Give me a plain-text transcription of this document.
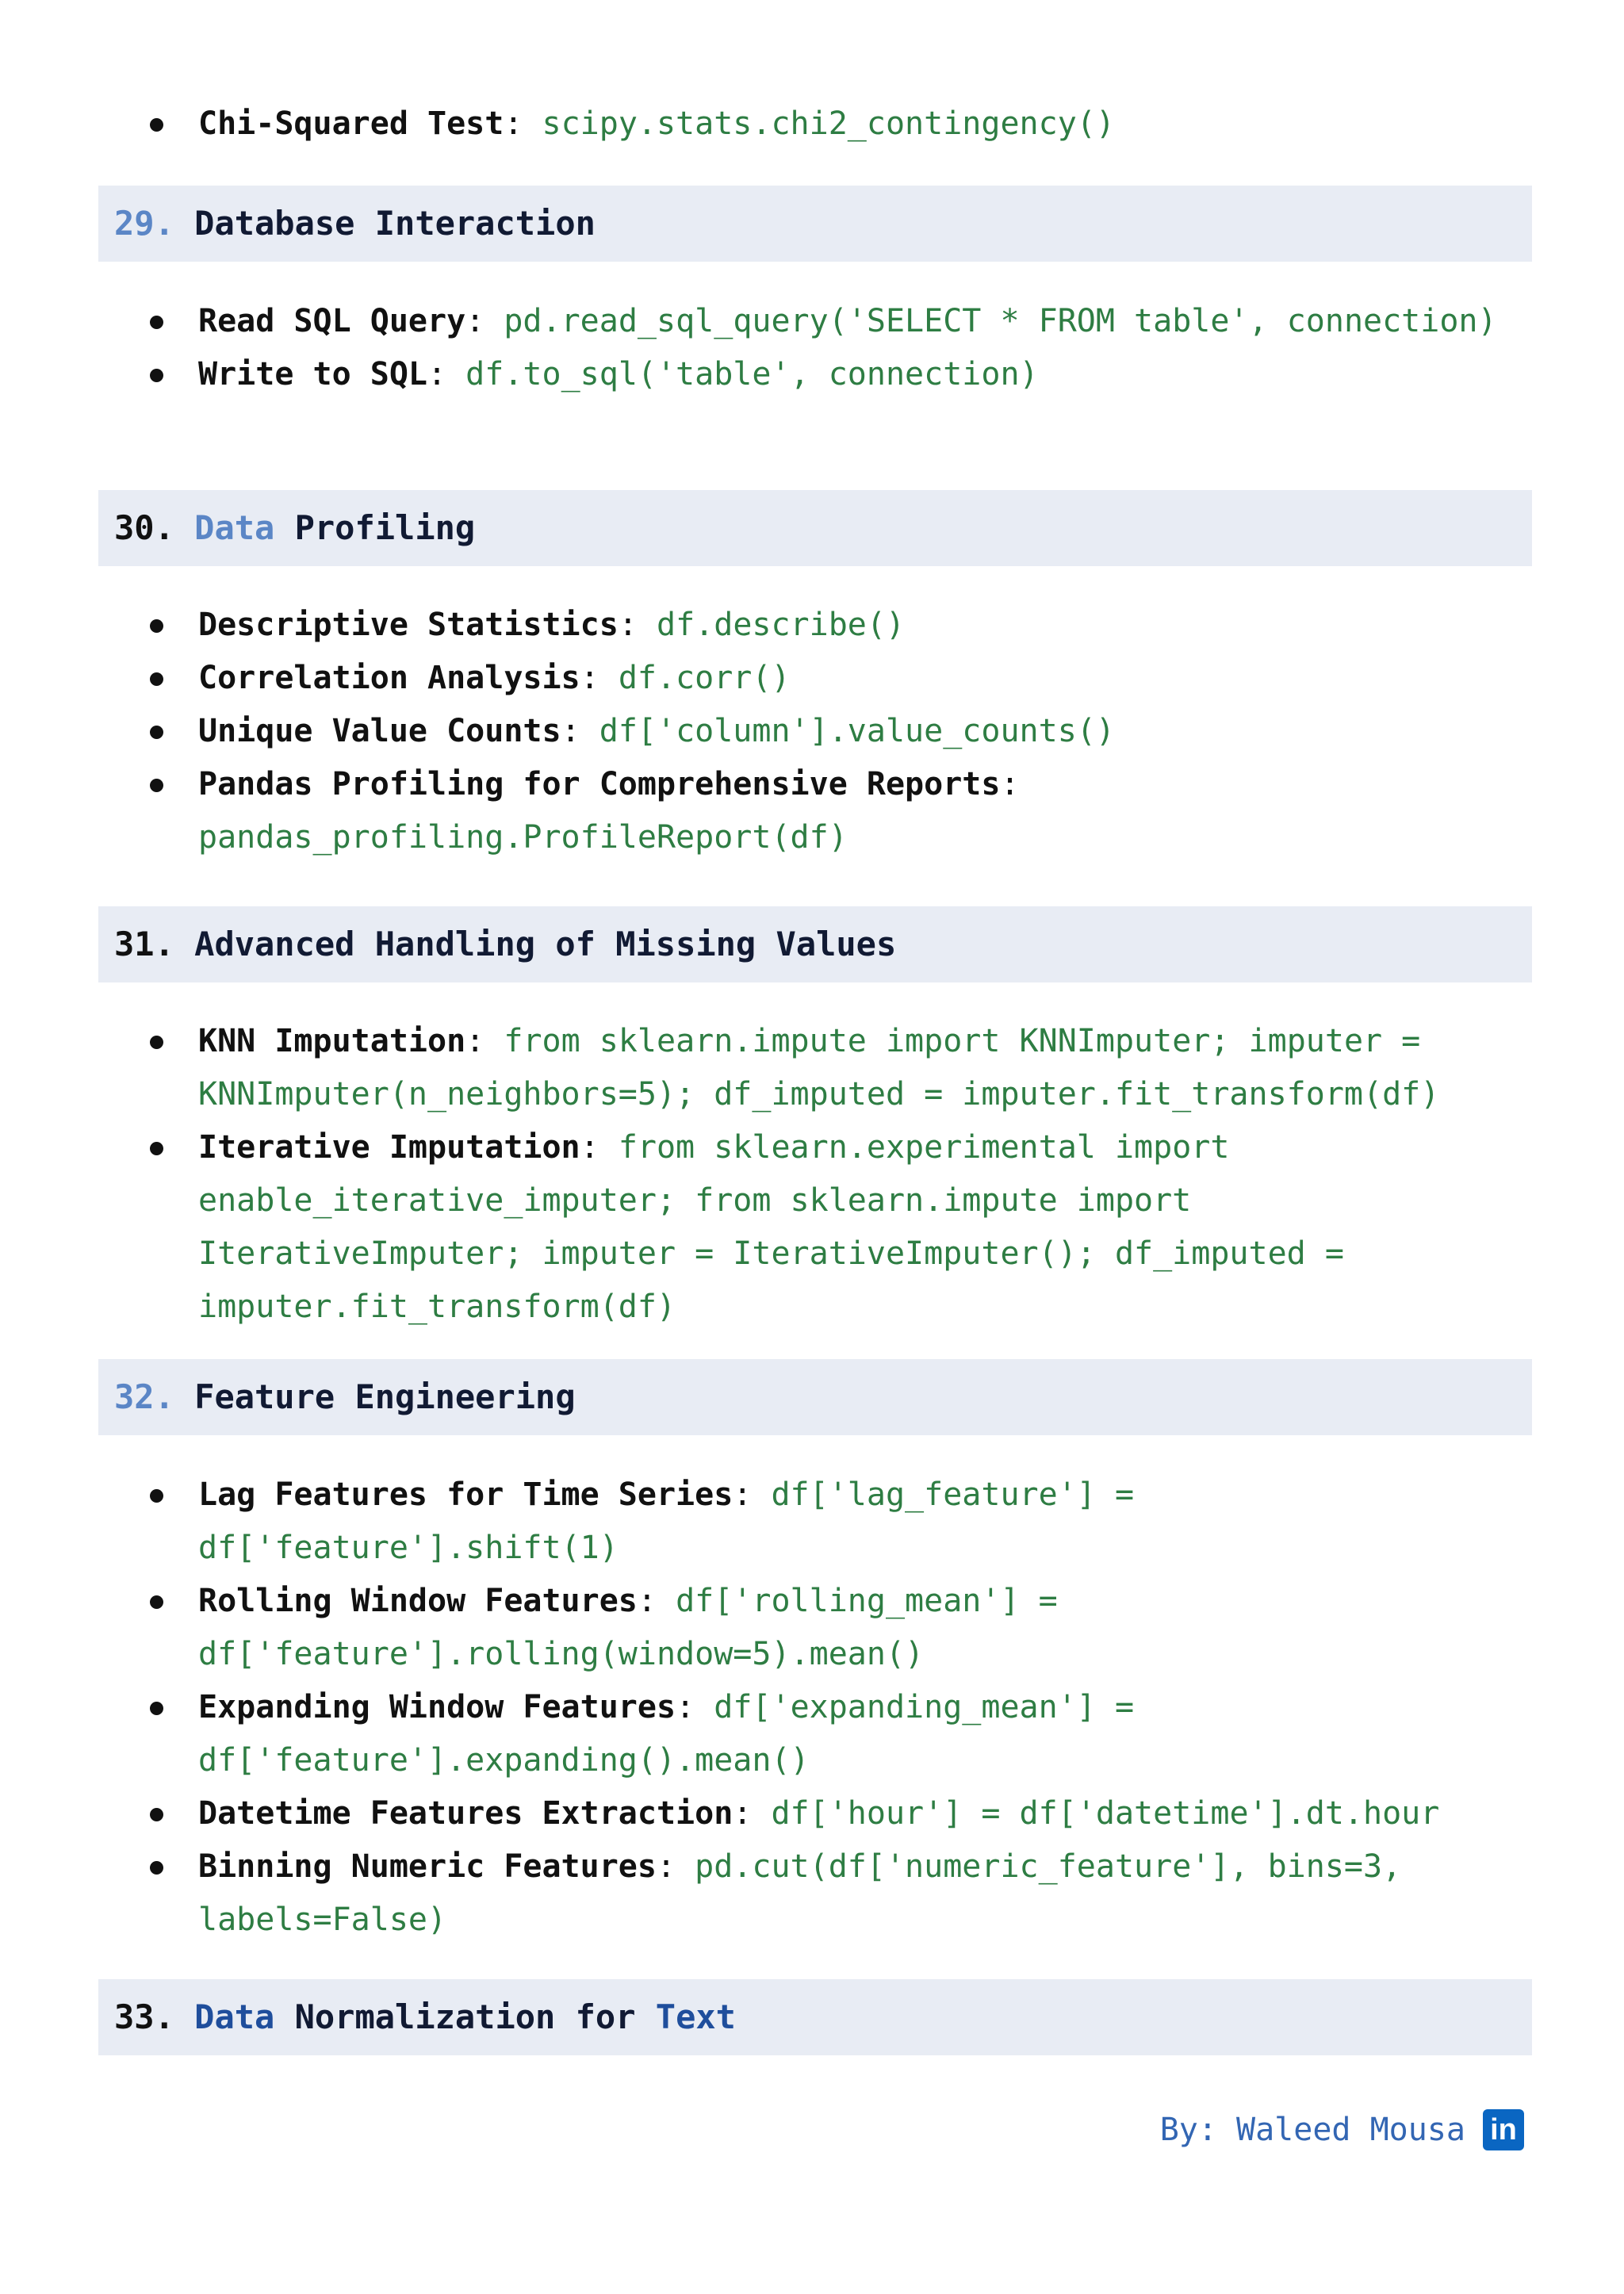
Chi-Squared Test: scipy.stats.chi2_contingency()
29. Database Interaction
Read SQL Query: pd.read_sql_query('SELECT * FROM table', connection)
Write to SQL: df.to_sql('table', connection)
30. Data Profiling
Descriptive Statistics: df.describe()
Correlation Analysis: df.corr()
Unique Value Counts: df['column'].value_counts()
Pandas Profiling for Comprehensive Reports: pandas_profiling.ProfileReport(df)
31. Advanced Handling of Missing Values
KNN Imputation: from sklearn.impute import KNNImputer; imputer = KNNImputer(n_neighbors=5); df_imputed = imputer.fit_transform(df)
Iterative Imputation: from sklearn.experimental import enable_iterative_imputer; from sklearn.impute import IterativeImputer; imputer = IterativeImputer(); df_imputed = imputer.fit_transform(df)
32. Feature Engineering
Lag Features for Time Series: df['lag_feature'] = df['feature'].shift(1)
Rolling Window Features: df['rolling_mean'] = df['feature'].rolling(window=5).mean()
Expanding Window Features: df['expanding_mean'] = df['feature'].expanding().mean()
Datetime Features Extraction: df['hour'] = df['datetime'].dt.hour
Binning Numeric Features: pd.cut(df['numeric_feature'], bins=3, labels=False)
33. Data Normalization for Text
By: Waleed Mousa in
